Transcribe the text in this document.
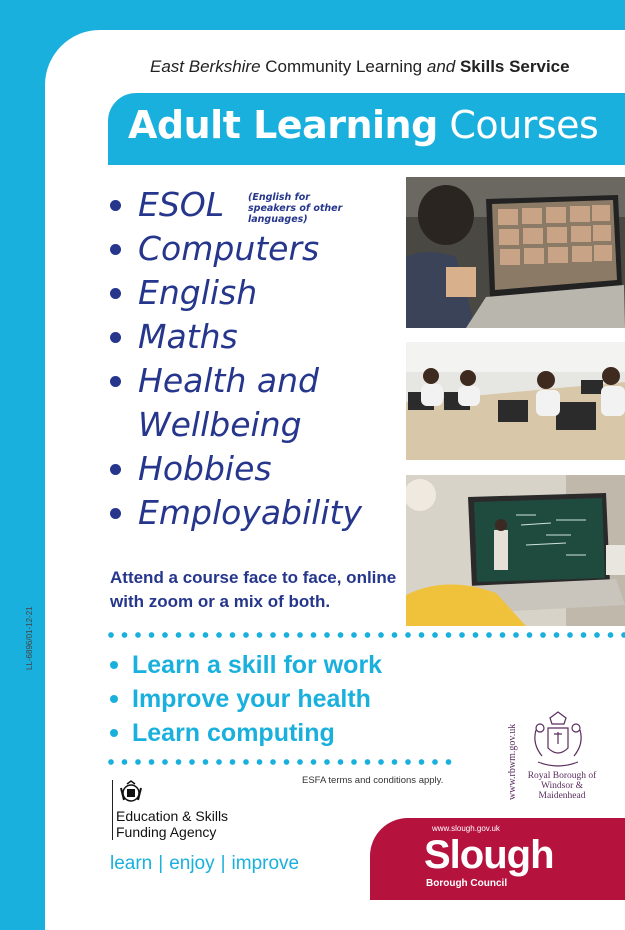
East Berkshire Community Learning and Skills Service
Adult Learning Courses
ESOL
Computers
English
Maths
Health and
Wellbeing
Hobbies
Employability
(English for speakers of other languages)
Attend a course face to face, online with zoom or a mix of both.
Learn a skill for work
Improve your health
Learn computing
ESFA terms and conditions apply.
LL-6896/01-12-21
Education & Skills Funding Agency
learn | enjoy | improve
www.rbwm.gov.uk	Royal Borough of Windsor & Maidenhead
www.slough.gov.uk
Slough
Borough Council
